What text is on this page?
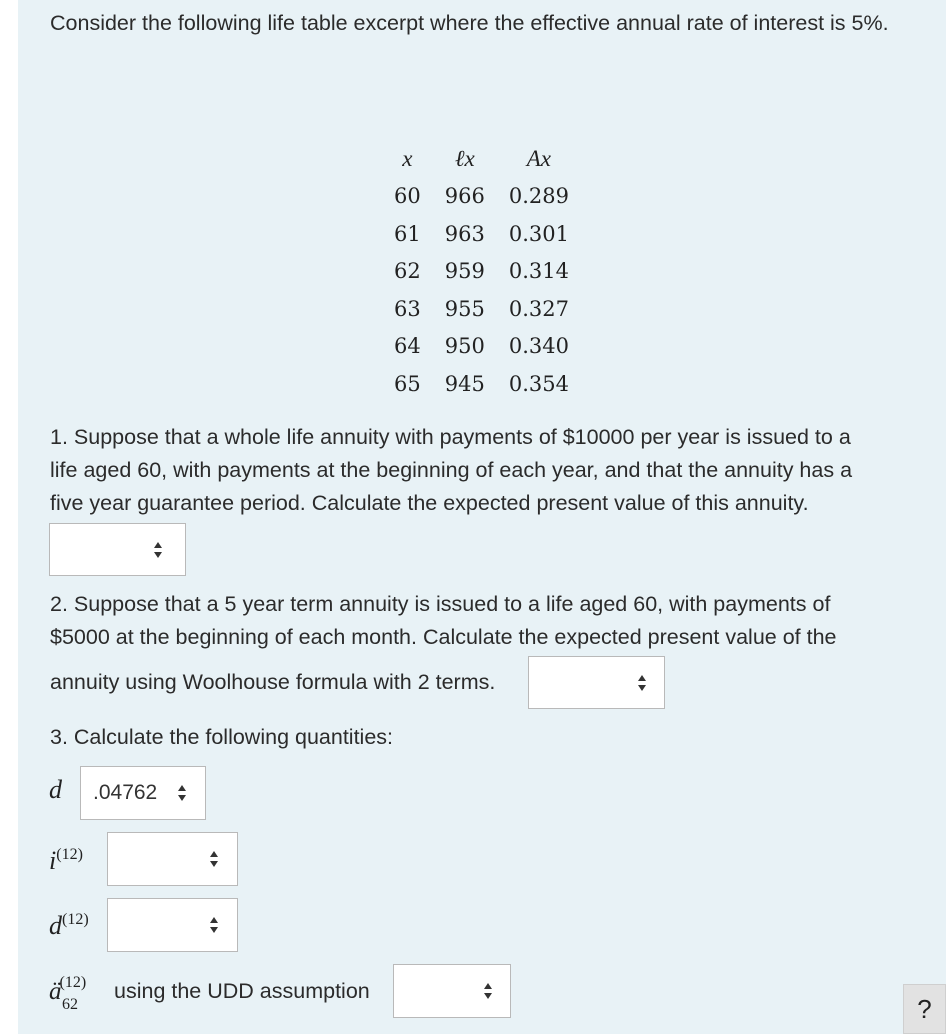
Consider the following life table excerpt where the effective annual rate of interest is 5%.
x	ℓx	Ax
60	966	0.289
61	963	0.301
62	959	0.314
63	955	0.327
64	950	0.340
65	945	0.354
1. Suppose that a whole life annuity with payments of $10000 per year is issued to a
life aged 60, with payments at the beginning of each year, and that the annuity has a
five year guarantee period. Calculate the expected present value of this annuity.
2. Suppose that a 5 year term annuity is issued to a life aged 60, with payments of
$5000 at the beginning of each month. Calculate the expected present value of the
annuity using Woolhouse formula with 2 terms.
3. Calculate the following quantities:
d .04762
$i^{(12)}$
$d^{(12)}$
$ä^{(12)}$
62
using the UDD assumption
?
